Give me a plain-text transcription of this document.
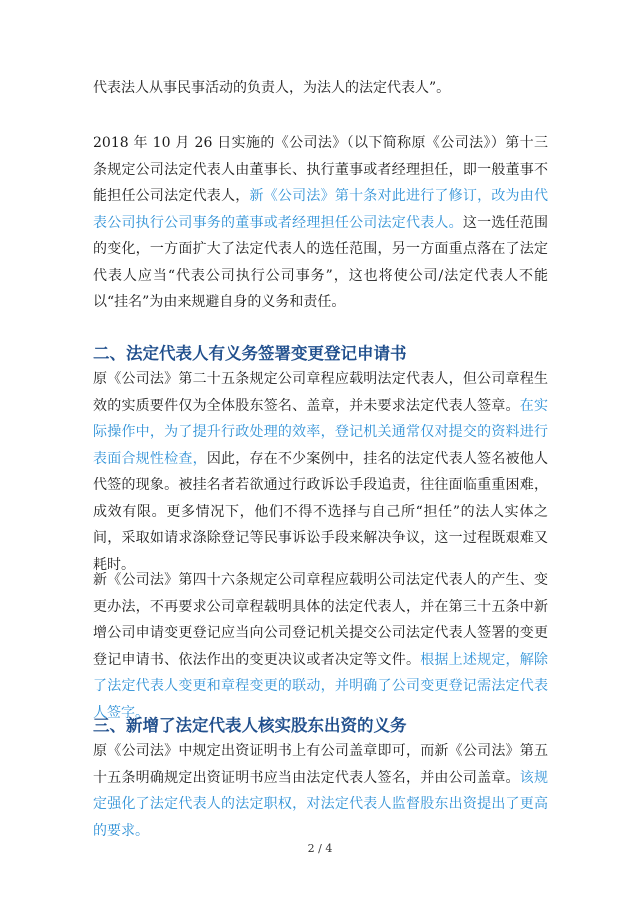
代表法人从事民事活动的负责人，为法人的法定代表人”。

2018 年 10 月 26 日实施的《公司法》（以下简称原《公司法》）第十三条规定公司法定代表人由董事长、执行董事或者经理担任，即一般董事不能担任公司法定代表人，新《公司法》第十条对此进行了修订，改为由代表公司执行公司事务的董事或者经理担任公司法定代表人。这一选任范围的变化，一方面扩大了法定代表人的选任范围，另一方面重点落在了法定代表人应当“代表公司执行公司事务”，这也将使公司/法定代表人不能以“挂名”为由来规避自身的义务和责任。

二、法定代表人有义务签署变更登记申请书

原《公司法》第二十五条规定公司章程应载明法定代表人，但公司章程生效的实质要件仅为全体股东签名、盖章，并未要求法定代表人签章。在实际操作中，为了提升行政处理的效率，登记机关通常仅对提交的资料进行表面合规性检查，因此，存在不少案例中，挂名的法定代表人签名被他人代签的现象。被挂名者若欲通过行政诉讼手段追责，往往面临重重困难，成效有限。更多情况下，他们不得不选择与自己所“担任”的法人实体之间，采取如请求涤除登记等民事诉讼手段来解决争议，这一过程既艰难又耗时。

新《公司法》第四十六条规定公司章程应载明公司法定代表人的产生、变更办法，不再要求公司章程载明具体的法定代表人，并在第三十五条中新增公司申请变更登记应当向公司登记机关提交公司法定代表人签署的变更登记申请书、依法作出的变更决议或者决定等文件。根据上述规定，解除了法定代表人变更和章程变更的联动，并明确了公司变更登记需法定代表人签字。

三、新增了法定代表人核实股东出资的义务

原《公司法》中规定出资证明书上有公司盖章即可，而新《公司法》第五十五条明确规定出资证明书应当由法定代表人签名，并由公司盖章。该规定强化了法定代表人的法定职权，对法定代表人监督股东出资提出了更高的要求。

2 / 4
